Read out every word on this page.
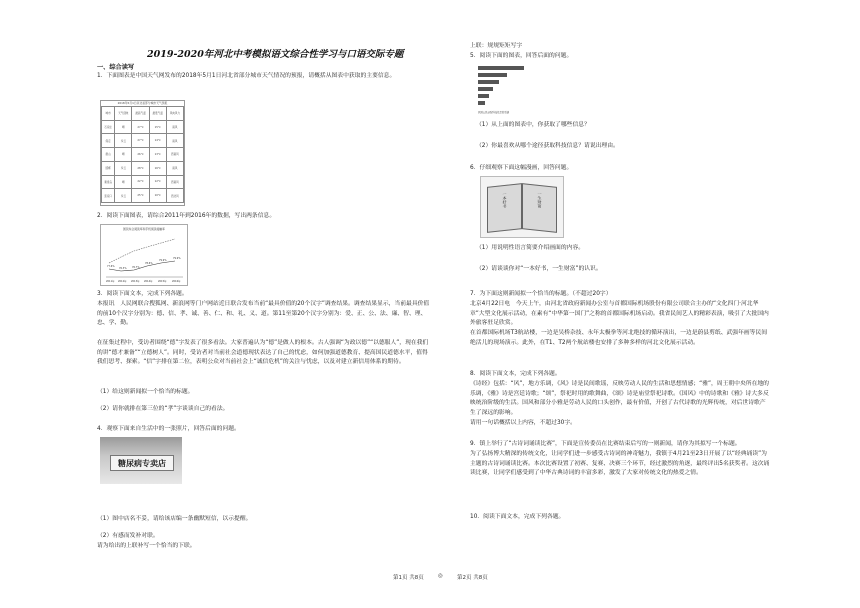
2019-2020年河北中考模拟语文综合性学习与口语交际专题
一、综合读写
1．下面图表是中国天气网发布的2018年5月1日河北省部分城市天气情况的预报，请概括从图表中获取的主要信息。
2018年5月1日河北省部分城市天气预报
城市	天气现象	最高气温	最低气温	风向风力
石家庄	晴	27℃	15℃	南风
保定	多云	27℃	14℃	南风
唐山	晴	26℃	13℃	西南风
邯郸	多云	28℃	16℃	南风
秦皇岛	晴	22℃	12℃	西南风
张家口	多云	25℃	10℃	西北风
2．阅读下面图表，请综合2011年到2016年的数据，写出两条信息。
国民综合阅读率和手机阅读接触率
77.6%
76.3% 76.7%
78.6%
79.9%
79.9%
2011年 2012年 2013年 2014年 2015年 2016年
3．阅读下面文本，完成下列各题。
本报讯　人民网联合搜狐网、新浪网等门户网站近日联合发布当前“最具价值的20个汉字”调查结果。调查结果显示，当前最具价值的前10个汉字分别为：德、信、孝、诚、善、仁、和、礼、义、道。第11至第20个汉字分别为：爱、正、公、法、廉、智、理、忠、学、勤。
在征集过程中，受访者围绕“德”字发表了很多看法。大家普遍认为“德”是做人的根本。古人强调“为政以德”“以德服人”，现在我们的讲“德才兼备”“立德树人”。同时，受访者对当前社会道德现状表达了自己的忧虑，如何加强道德教育、提高国民道德水平，值得我们思考、探索。“信”字排在第二位，表明公众对当前社会上“诚信危机”的关注与忧虑，以及对建立新信用体系的期待。
（1）给这则新闻拟一个恰当的标题。
（2）请你就排在第三位的“孝”字谈谈自己的看法。
4．观察下面来自生活中的一张照片，回答后面的问题。
糖尿病专卖店
（1）图中店名不妥，请给该店编一条幽默短信，以示提醒。
（2）有感而发补对联。
请为给出的上联补写一个恰当的下联。
上联：规规矩矩写字
5．阅读下面的图表，回答后面的问题。
我国公民获取科技信息的渠道
（1）从上面的图表中，你获取了哪些信息？
（2）你最喜欢从哪个途径获取科技信息？请说出理由。
6．仔细观察下面这幅漫画，回答问题。
一本好书	一生财富
（1）用说明性语言简要介绍画面的内容。
（2）请谈谈你对“一本好书，一生财富”的认识。
7．为下面这则新闻拟一个恰当的标题。（不超过20字）
北京4月22日电　今天上午，由河北省政府新闻办公室与首都国际机场股份有限公司联合主办的“文化四门·河北华章”大型文化展示活动，在素有“中华第一国门”之称的首都国际机场启动。我省民间艺人的精彩表演，吸引了大批国内外旅客驻足欣赏。
在首都国际机场T3航站楼，一边是吴桥杂技、永年太极拳等河北绝技的循环演出，一边是蔚县剪纸、武强年画等民间绝活儿的现场演示。此外，在T1、T2两个航站楼也安排了多种多样的河北文化展示活动。
8．阅读下面文本，完成下列各题。
《诗经》包括：“风”，地方乐调，《风》诗是民间歌谣，反映劳动人民的生活和思想情感；“雅”，周王朝中央所在地的乐调，《雅》诗是宫廷诗歌；“颂”，祭祀时用的歌舞曲，《颂》诗是庙堂祭祀诗歌。《国风》中的诗歌和《雅》诗大多反映统治阶级的生活。国风和部分小雅是劳动人民的口头创作，最有价值，开创了古代诗歌的光辉传统，对后世诗歌产生了深远的影响。
请用一句话概括以上内容，不超过30字。
9．镇上举行了“古诗词诵读比赛”，下面是宣传委员在比赛结束后写的一则新闻，请你为其拟写一个标题。
为了弘扬博大精深的传统文化，让同学们进一步感受古诗词的神奇魅力，我镇于4月21至23日开展了以“经典诵读”为主题的古诗词诵读比赛。本次比赛设置了初赛、复赛、决赛三个环节，经过激烈的角逐，最终评出5名获奖者。这次诵读比赛，让同学们感受到了中华古典诗词的丰富多彩，激发了大家对传统文化的热爱之情。
10．阅读下面文本，完成下列各题。
第1页 共8页	◎	第2页 共8页
